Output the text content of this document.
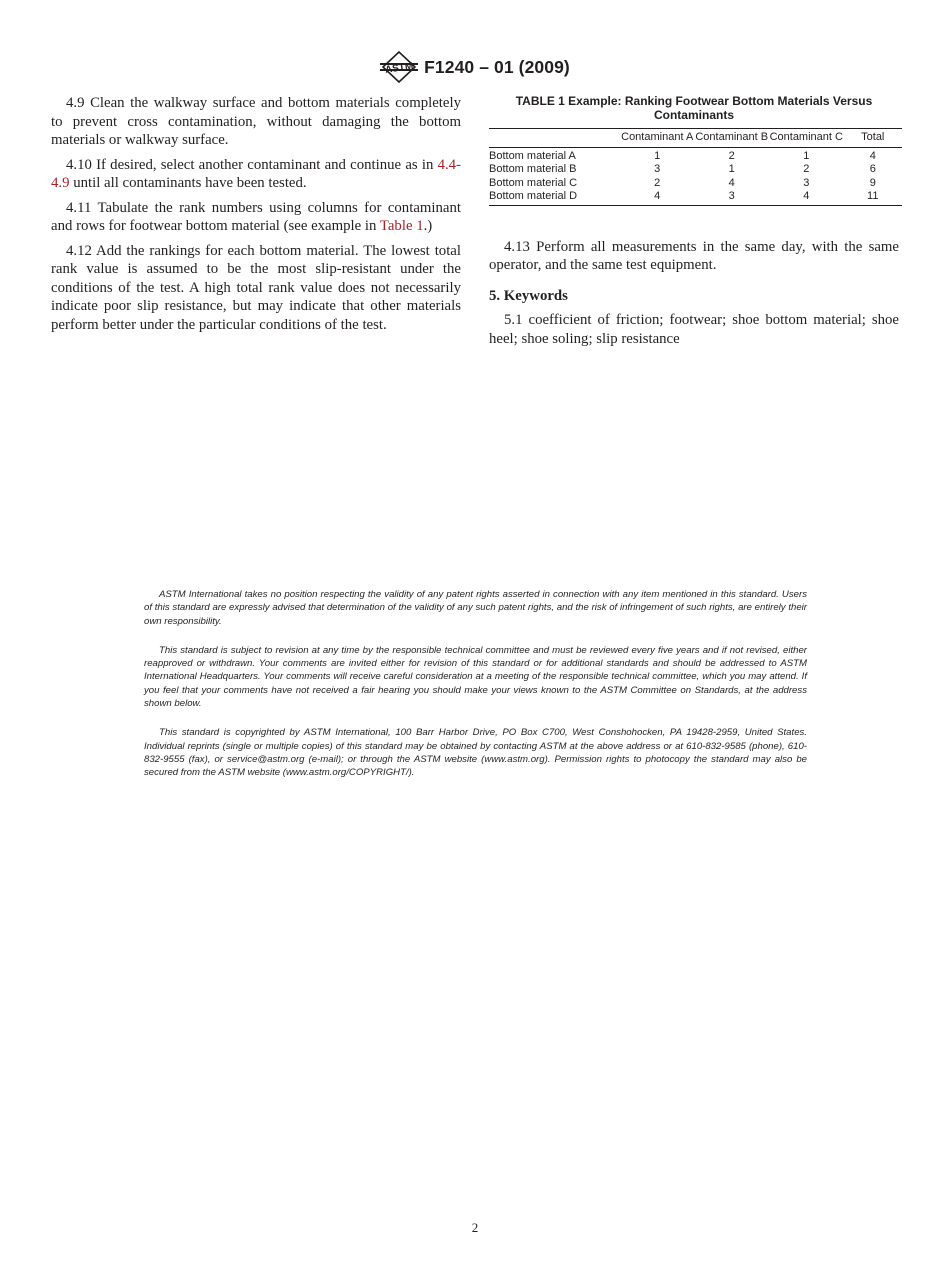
ASTM F1240 – 01 (2009)

4.9 Clean the walkway surface and bottom materials completely to prevent cross contamination, without damaging the bottom materials or walkway surface.

4.10 If desired, select another contaminant and continue as in 4.4-4.9 until all contaminants have been tested.

4.11 Tabulate the rank numbers using columns for contaminant and rows for footwear bottom material (see example in Table 1.)

4.12 Add the rankings for each bottom material. The lowest total rank value is assumed to be the most slip-resistant under the conditions of the test. A high total rank value does not necessarily indicate poor slip resistance, but may indicate that other materials perform better under the particular conditions of the test.

TABLE 1 Example: Ranking Footwear Bottom Materials Versus Contaminants

	Contaminant A	Contaminant B	Contaminant C	Total
Bottom material A	1	2	1	4
Bottom material B	3	1	2	6
Bottom material C	2	4	3	9
Bottom material D	4	3	4	11

4.13 Perform all measurements in the same day, with the same operator, and the same test equipment.

5. Keywords

5.1 coefficient of friction; footwear; shoe bottom material; shoe heel; shoe soling; slip resistance

ASTM International takes no position respecting the validity of any patent rights asserted in connection with any item mentioned in this standard. Users of this standard are expressly advised that determination of the validity of any such patent rights, and the risk of infringement of such rights, are entirely their own responsibility.

This standard is subject to revision at any time by the responsible technical committee and must be reviewed every five years and if not revised, either reapproved or withdrawn. Your comments are invited either for revision of this standard or for additional standards and should be addressed to ASTM International Headquarters. Your comments will receive careful consideration at a meeting of the responsible technical committee, which you may attend. If you feel that your comments have not received a fair hearing you should make your views known to the ASTM Committee on Standards, at the address shown below.

This standard is copyrighted by ASTM International, 100 Barr Harbor Drive, PO Box C700, West Conshohocken, PA 19428-2959, United States. Individual reprints (single or multiple copies) of this standard may be obtained by contacting ASTM at the above address or at 610-832-9585 (phone), 610-832-9555 (fax), or service@astm.org (e-mail); or through the ASTM website (www.astm.org). Permission rights to photocopy the standard may also be secured from the ASTM website (www.astm.org/COPYRIGHT/).

2
